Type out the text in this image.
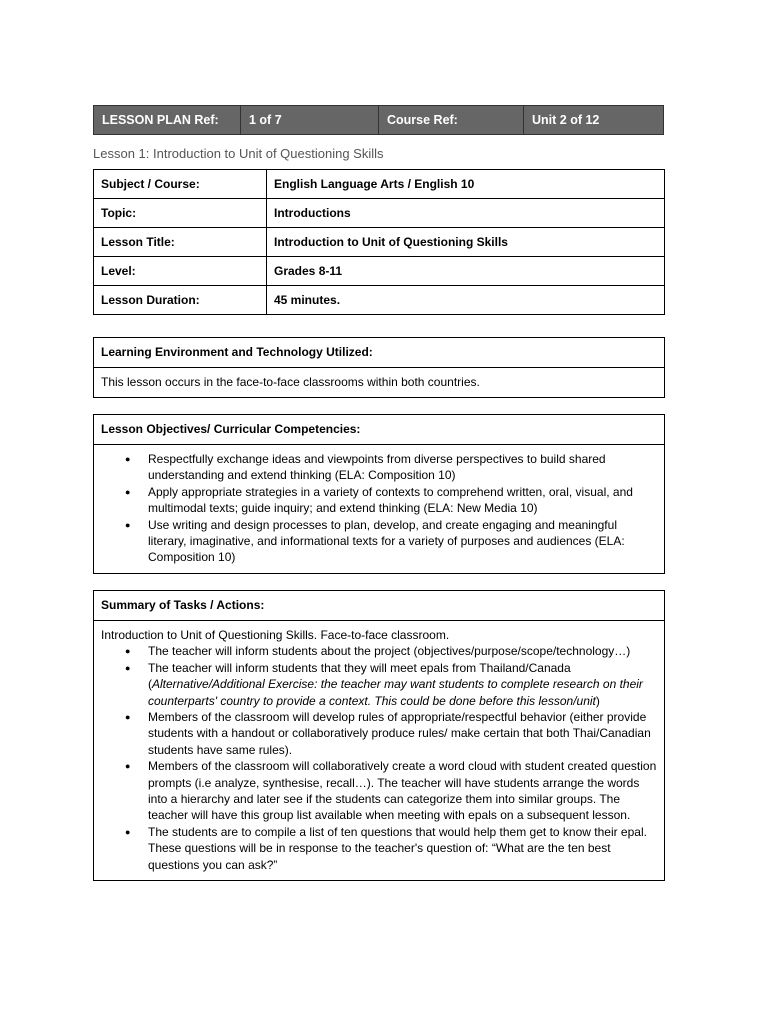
LESSON PLAN Ref:	1 of 7	Course Ref:	Unit 2 of 12
Lesson 1: Introduction to Unit of Questioning Skills
Subject / Course:	English Language Arts / English 10
Topic:	Introductions
Lesson Title:	Introduction to Unit of Questioning Skills
Level:	Grades 8-11
Lesson Duration:	45 minutes.
Learning Environment and Technology Utilized:
This lesson occurs in the face-to-face classrooms within both countries.
Lesson Objectives/ Curricular Competencies:
● Respectfully exchange ideas and viewpoints from diverse perspectives to build shared understanding and extend thinking (ELA: Composition 10)
● Apply appropriate strategies in a variety of contexts to comprehend written, oral, visual, and multimodal texts; guide inquiry; and extend thinking (ELA: New Media 10)
● Use writing and design processes to plan, develop, and create engaging and meaningful literary, imaginative, and informational texts for a variety of purposes and audiences (ELA: Composition 10)
Summary of Tasks / Actions:
Introduction to Unit of Questioning Skills. Face-to-face classroom.
● The teacher will inform students about the project (objectives/purpose/scope/technology…)
● The teacher will inform students that they will meet epals from Thailand/Canada (Alternative/Additional Exercise: the teacher may want students to complete research on their counterparts' country to provide a context. This could be done before this lesson/unit)
● Members of the classroom will develop rules of appropriate/respectful behavior (either provide students with a handout or collaboratively produce rules/ make certain that both Thai/Canadian students have same rules).
● Members of the classroom will collaboratively create a word cloud with student created question prompts (i.e analyze, synthesise, recall…). The teacher will have students arrange the words into a hierarchy and later see if the students can categorize them into similar groups. The teacher will have this group list available when meeting with epals on a subsequent lesson.
● The students are to compile a list of ten questions that would help them get to know their epal. These questions will be in response to the teacher's question of: “What are the ten best questions you can ask?”
